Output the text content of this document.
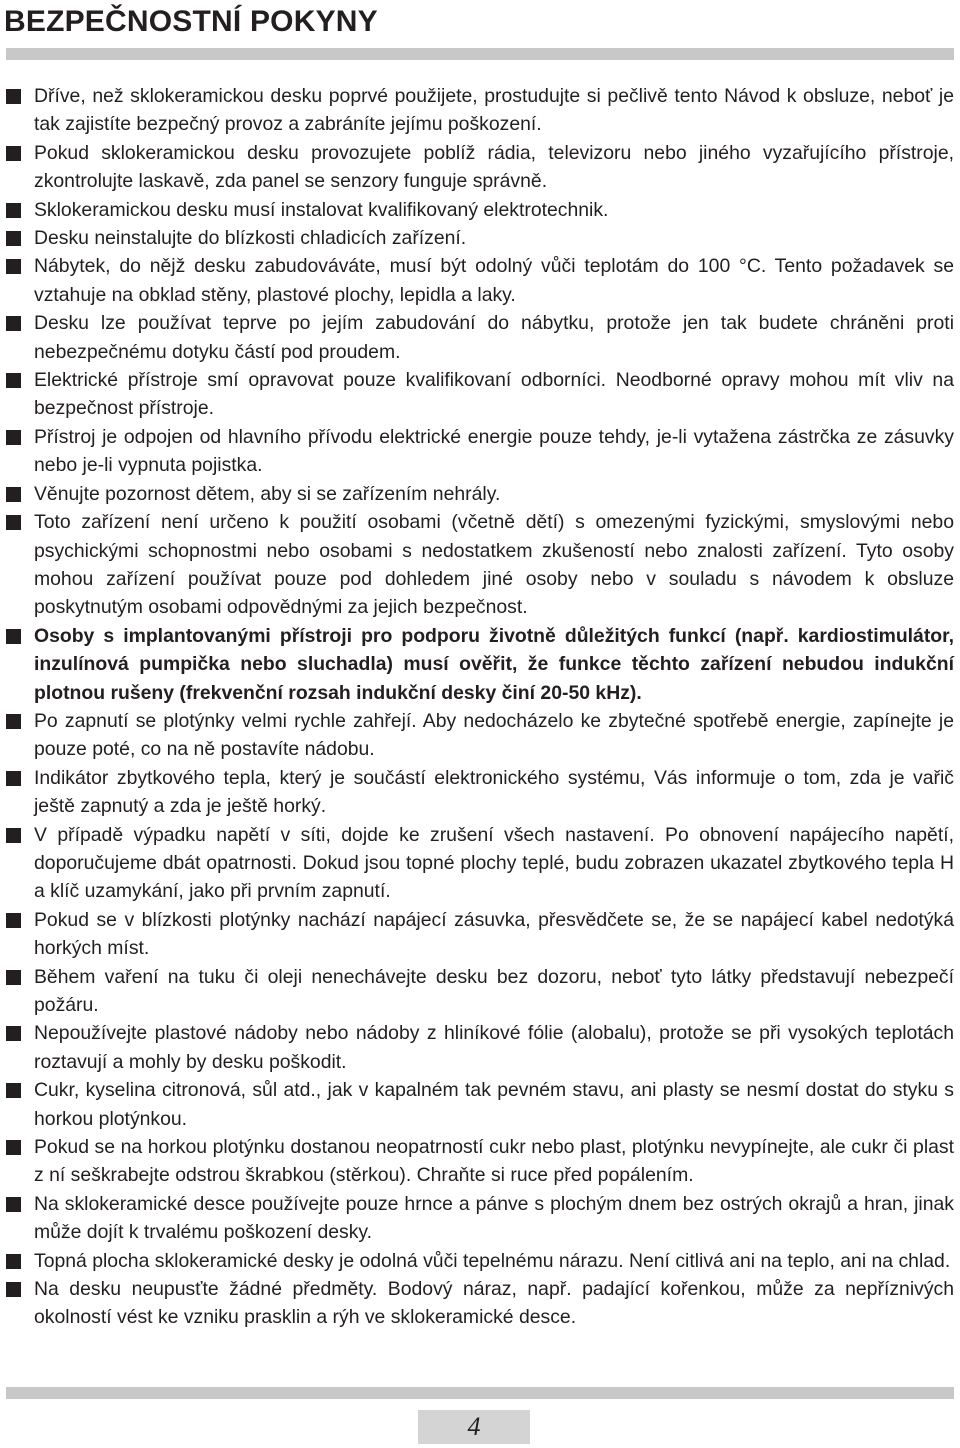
BEZPEČNOSTNÍ POKYNY
Dříve, než sklokeramickou desku poprvé použijete, prostudujte si pečlivě tento Návod k obsluze, neboť je tak zajistíte bezpečný provoz a zabráníte jejímu poškození.
Pokud sklokeramickou desku provozujete poblíž rádia, televizoru nebo jiného vyzařujícího přístroje, zkontrolujte laskavě, zda panel se senzory funguje správně.
Sklokeramickou desku musí instalovat kvalifikovaný elektrotechnik.
Desku neinstalujte do blízkosti chladicích zařízení.
Nábytek, do nějž desku zabudováváte, musí být odolný vůči teplotám do 100 °C. Tento požadavek se vztahuje na obklad stěny, plastové plochy, lepidla a laky.
Desku lze používat teprve po jejím zabudování do nábytku, protože jen tak budete chráněni proti nebezpečnému dotyku částí pod proudem.
Elektrické přístroje smí opravovat pouze kvalifikovaní odborníci. Neodborné opravy mohou mít vliv na bezpečnost přístroje.
Přístroj je odpojen od hlavního přívodu elektrické energie pouze tehdy, je-li vytažena zástrčka ze zásuvky nebo je-li vypnuta pojistka.
Věnujte pozornost dětem, aby si se zařízením nehrály.
Toto zařízení není určeno k použití osobami (včetně dětí) s omezenými fyzickými, smyslovými nebo psychickými schopnostmi nebo osobami s nedostatkem zkušeností nebo znalosti zařízení. Tyto osoby mohou zařízení používat pouze pod dohledem jiné osoby nebo v souladu s návodem k obsluze poskytnutým osobami odpovědnými za jejich bezpečnost.
Osoby s implantovanými přístroji pro podporu životně důležitých funkcí (např. kardiostimulátor, inzulínová pumpička nebo sluchadla) musí ověřit, že funkce těchto zařízení nebudou indukční plotnou rušeny (frekvenční rozsah indukční desky činí 20-50 kHz).
Po zapnutí se plotýnky velmi rychle zahřejí. Aby nedocházelo ke zbytečné spotřebě energie, zapínejte je pouze poté, co na ně postavíte nádobu.
Indikátor zbytkového tepla, který je součástí elektronického systému, Vás informuje o tom, zda je vařič ještě zapnutý a zda je ještě horký.
V případě výpadku napětí v síti, dojde ke zrušení všech nastavení. Po obnovení napájecího napětí, doporučujeme dbát opatrnosti. Dokud jsou topné plochy teplé, budu zobrazen ukazatel zbytkového tepla H a klíč uzamykání, jako při prvním zapnutí.
Pokud se v blízkosti plotýnky nachází napájecí zásuvka, přesvědčete se, že se napájecí kabel nedotýká horkých míst.
Během vaření na tuku či oleji nenechávejte desku bez dozoru, neboť tyto látky představují nebezpečí požáru.
Nepoužívejte plastové nádoby nebo nádoby z hliníkové fólie (alobalu), protože se při vysokých teplotách roztavují a mohly by desku poškodit.
Cukr, kyselina citronová, sůl atd., jak v kapalném tak pevném stavu, ani plasty se nesmí dostat do styku s horkou plotýnkou.
Pokud se na horkou plotýnku dostanou neopatrností cukr nebo plast, plotýnku nevypínejte, ale cukr či plast z ní seškrabejte odstrou škrabkou (stěrkou). Chraňte si ruce před popálením.
Na sklokeramické desce používejte pouze hrnce a pánve s plochým dnem bez ostrých okrajů a hran, jinak může dojít k trvalému poškození desky.
Topná plocha sklokeramické desky je odolná vůči tepelnému nárazu. Není citlivá ani na teplo, ani na chlad.
Na desku neupusťte žádné předměty. Bodový náraz, např. padající kořenkou, může za nepříznivých okolností vést ke vzniku prasklin a rýh ve sklokeramické desce.
4
